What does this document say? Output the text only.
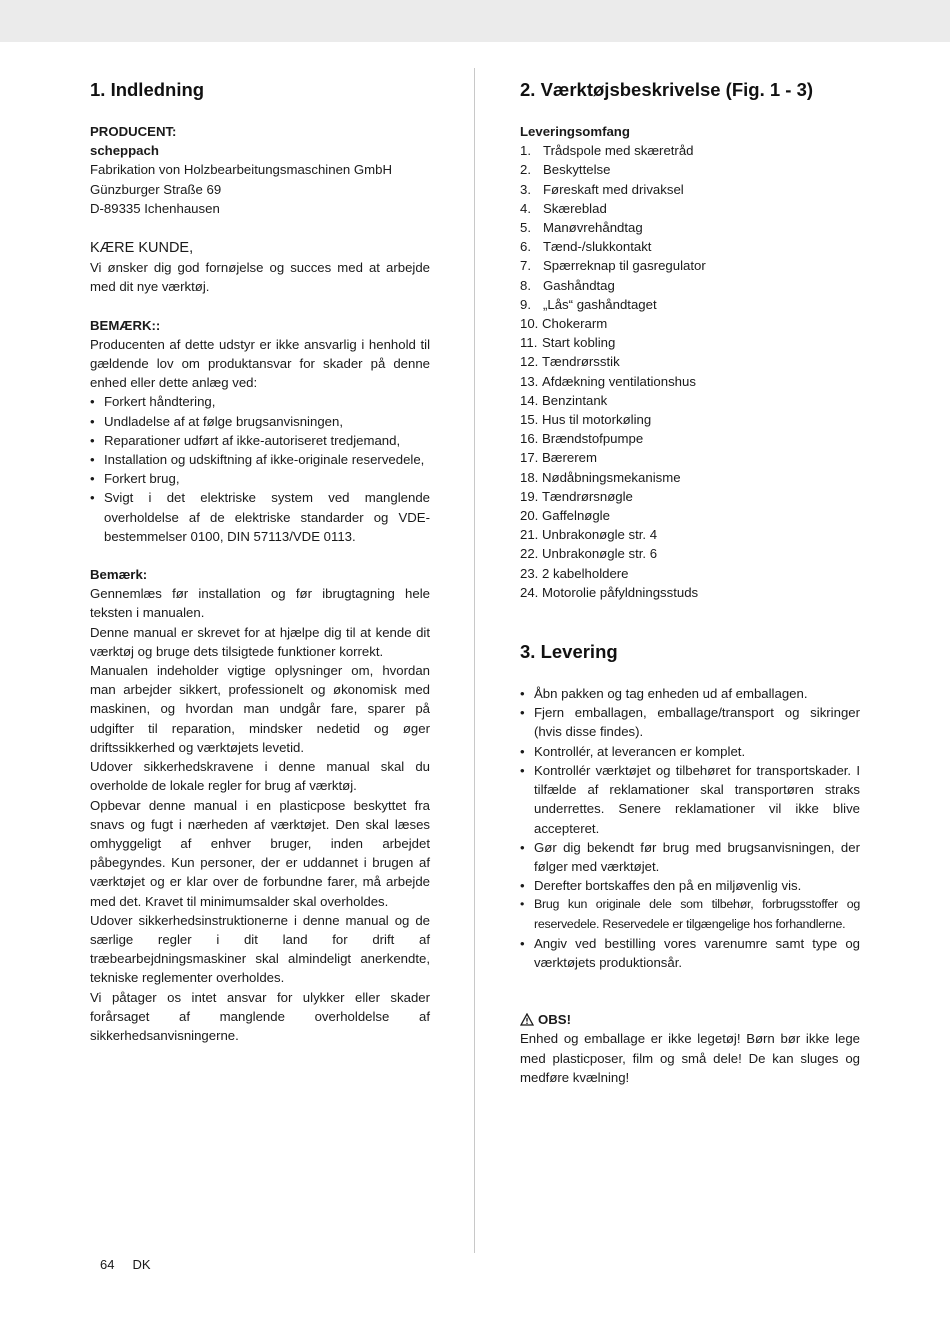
1. Indledning

PRODUCENT:

scheppach

Fabrikation von Holzbearbeitungsmaschinen GmbH

Günzburger Straße 69

D-89335 Ichenhausen

KÆRE KUNDE,

Vi ønsker dig god fornøjelse og succes med at arbejde med dit nye værktøj.

BEMÆRK::

Producenten af dette udstyr er ikke ansvarlig i henhold til gældende lov om produktansvar for skader på denne enhed eller dette anlæg ved:

• Forkert håndtering,
• Undladelse af at følge brugsanvisningen,
• Reparationer udført af ikke-autoriseret tredjemand,
• Installation og udskiftning af ikke-originale reservedele,
• Forkert brug,
• Svigt i det elektriske system ved manglende overholdelse af de elektriske standarder og VDE-bestemmelser 0100, DIN 57113/VDE 0113.

Bemærk:

Gennemlæs før installation og før ibrugtagning hele teksten i manualen.

Denne manual er skrevet for at hjælpe dig til at kende dit værktøj og bruge dets tilsigtede funktioner korrekt.

Manualen indeholder vigtige oplysninger om, hvordan man arbejder sikkert, professionelt og økonomisk med maskinen, og hvordan man undgår fare, sparer på udgifter til reparation, mindsker nedetid og øger driftssikkerhed og værktøjets levetid.

Udover sikkerhedskravene i denne manual skal du overholde de lokale regler for brug af værktøj.

Opbevar denne manual i en plasticpose beskyttet fra snavs og fugt i nærheden af værktøjet. Den skal læses omhyggeligt af enhver bruger, inden arbejdet påbegyndes. Kun personer, der er uddannet i brugen af værktøjet og er klar over de forbundne farer, må arbejde med det. Kravet til minimumsalder skal overholdes.

Udover sikkerhedsinstruktionerne i denne manual og de særlige regler i dit land for drift af træbearbejdningsmaskiner skal almindeligt anerkendte, tekniske reglementer overholdes.

Vi påtager os intet ansvar for ulykker eller skader forårsaget af manglende overholdelse af sikkerhedsanvisningerne.

2. Værktøjsbeskrivelse (Fig. 1 - 3)

Leveringsomfang

1. Trådspole med skæretråd
2. Beskyttelse
3. Føreskaft med drivaksel
4. Skæreblad
5. Manøvrehåndtag
6. Tænd-/slukkontakt
7. Spærreknap til gasregulator
8. Gashåndtag
9. „Lås“ gashåndtaget
10. Chokerarm
11. Start kobling
12. Tændrørsstik
13. Afdækning ventilationshus
14. Benzintank
15. Hus til motorkøling
16. Brændstofpumpe
17. Bærerem
18. Nødåbningsmekanisme
19. Tændrørsnøgle
20. Gaffelnøgle
21. Unbrakonøgle str. 4
22. Unbrakonøgle str. 6
23. 2 kabelholdere
24. Motorolie påfyldningsstuds
3. Levering
• Åbn pakken og tag enheden ud af emballagen.
• Fjern emballagen, emballage/transport og sikringer (hvis disse findes).
• Kontrollér, at leverancen er komplet.
• Kontrollér værktøjet og tilbehøret for transportskader. I tilfælde af reklamationer skal transportøren straks underrettes. Senere reklamationer vil ikke blive accepteret.
• Gør dig bekendt før brug med brugsanvisningen, der følger med værktøjet.
• Derefter bortskaffes den på en miljøvenlig vis.
• Brug kun originale dele som tilbehør, forbrugsstoffer og reservedele. Reservedele er tilgængelige hos forhandlerne.
• Angiv ved bestilling vores varenumre samt type og værktøjets produktionsår.

OBS!

Enhed og emballage er ikke legetøj! Børn bør ikke lege med plasticposer, film og små dele! De kan sluges og medføre kvælning!

64 DK
